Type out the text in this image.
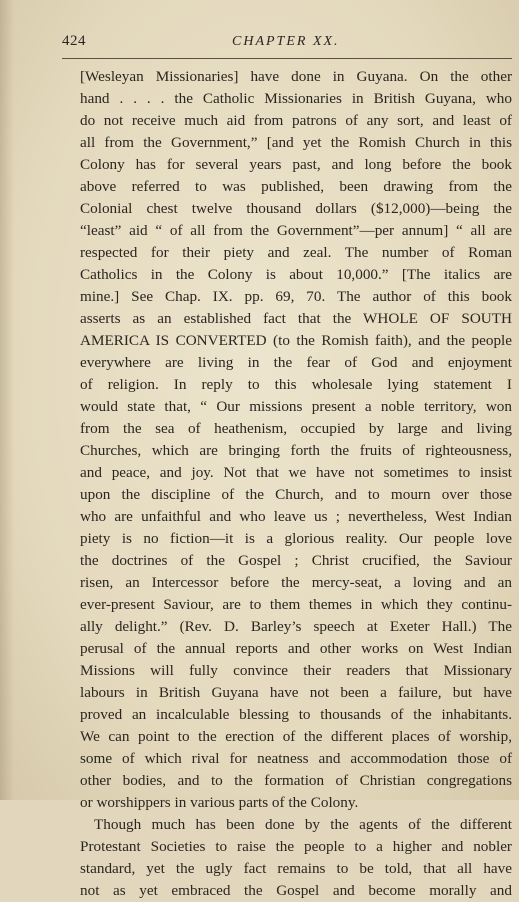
424	CHAPTER XX.
[Wesleyan Missionaries] have done in Guyana. On the other
hand . . . . the Catholic Missionaries in British Guyana, who
do not receive much aid from patrons of any sort, and least of
all from the Government,” [and yet the Romish Church in this
Colony has for several years past, and long before the book
above referred to was published, been drawing from the
Colonial chest twelve thousand dollars ($12,000)—being the
“least” aid “ of all from the Government”—per annum] “ all are
respected for their piety and zeal. The number of Roman
Catholics in the Colony is about 10,000.” [The italics are
mine.] See Chap. IX. pp. 69, 70. The author of this book
asserts as an established fact that the WHOLE OF SOUTH
AMERICA IS CONVERTED (to the Romish faith), and the people
everywhere are living in the fear of God and enjoyment
of religion. In reply to this wholesale lying statement I
would state that, “ Our missions present a noble territory, won
from the sea of heathenism, occupied by large and living
Churches, which are bringing forth the fruits of righteousness,
and peace, and joy. Not that we have not sometimes to insist
upon the discipline of the Church, and to mourn over those
who are unfaithful and who leave us ; nevertheless, West Indian
piety is no fiction—it is a glorious reality. Our people love
the doctrines of the Gospel ; Christ crucified, the Saviour
risen, an Intercessor before the mercy-seat, a loving and an
ever-present Saviour, are to them themes in which they continu-
ally delight.” (Rev. D. Barley’s speech at Exeter Hall.) The
perusal of the annual reports and other works on West Indian
Missions will fully convince their readers that Missionary
labours in British Guyana have not been a failure, but have
proved an incalculable blessing to thousands of the inhabitants.
We can point to the erection of the different places of worship,
some of which rival for neatness and accommodation those of
other bodies, and to the formation of Christian congregations
or worshippers in various parts of the Colony.
Though much has been done by the agents of the different
Protestant Societies to raise the people to a higher and nobler
standard, yet the ugly fact remains to be told, that all have
not as yet embraced the Gospel and become morally and
